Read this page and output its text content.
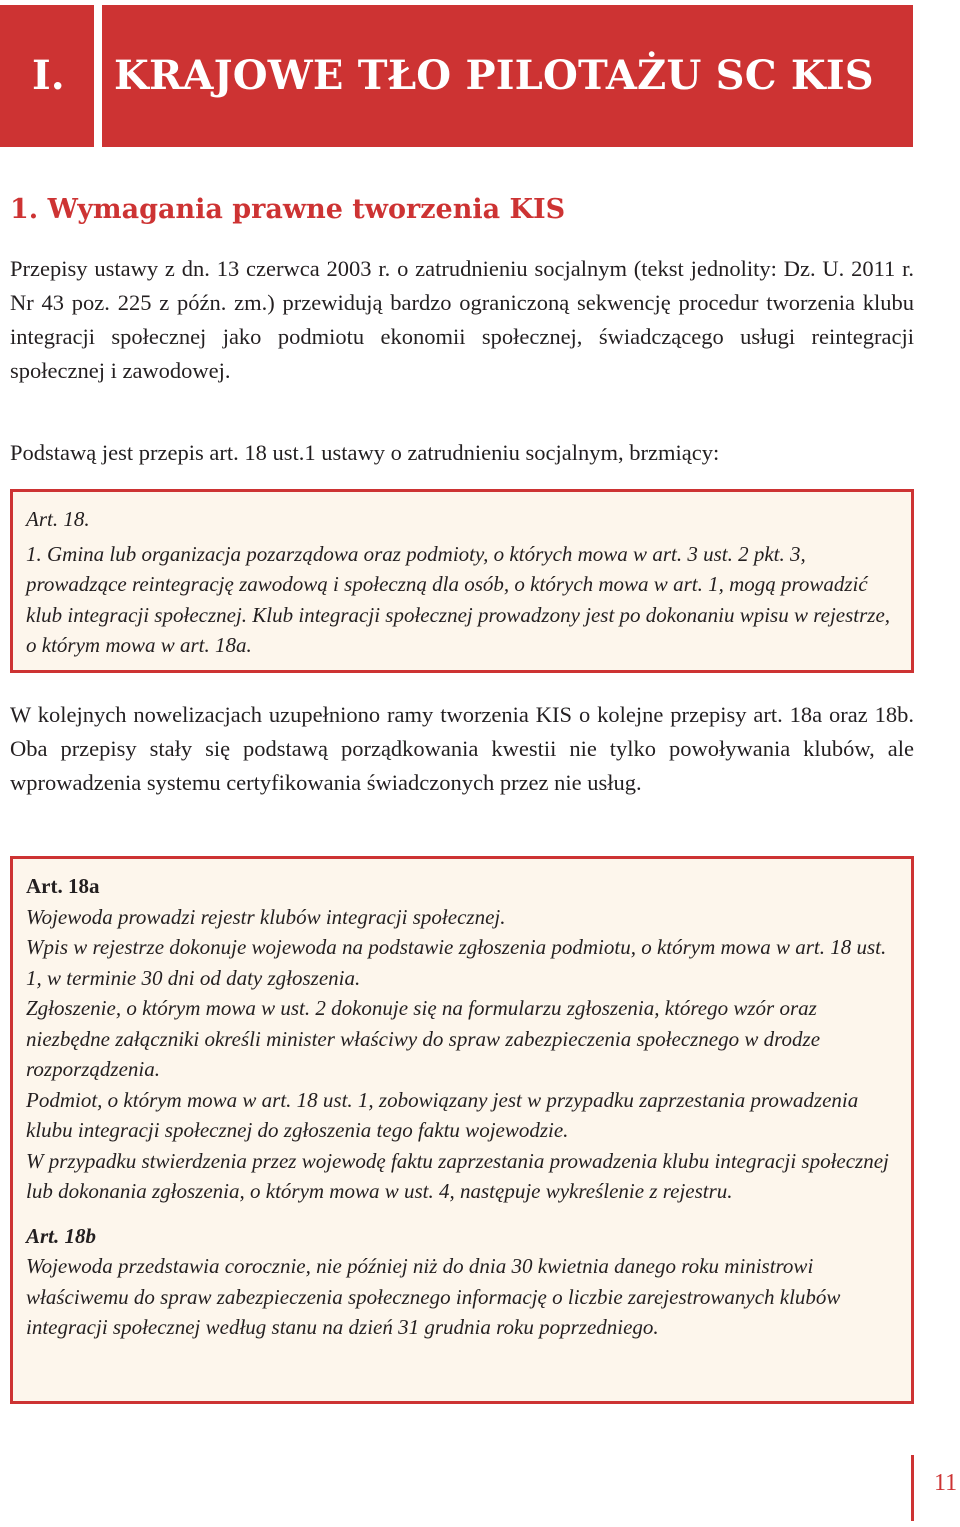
I.	KRAJOWE TŁO PILOTAŻU SC KIS
1. Wymagania prawne tworzenia KIS

Przepisy ustawy z dn. 13 czerwca 2003 r. o zatrudnieniu socjalnym (tekst jednolity: Dz. U. 2011 r. Nr 43 poz. 225 z późn. zm.) przewidują bardzo ograniczoną sekwencję procedur tworzenia klubu integracji społecznej jako podmiotu ekonomii społecznej, świadczącego usługi reintegracji społecznej i zawodowej.

Podstawą jest przepis art. 18 ust.1 ustawy o zatrudnieniu socjalnym, brzmiący:

Art. 18.

1. Gmina lub organizacja pozarządowa oraz podmioty, o których mowa w art. 3 ust. 2 pkt. 3, prowadzące reintegrację zawodową i społeczną dla osób, o których mowa w art. 1, mogą prowadzić klub integracji społecznej. Klub integracji społecznej prowadzony jest po dokonaniu wpisu w rejestrze, o którym mowa w art. 18a.

W kolejnych nowelizacjach uzupełniono ramy tworzenia KIS o kolejne przepisy art. 18a oraz 18b. Oba przepisy stały się podstawą porządkowania kwestii nie tylko powoływania klubów, ale wprowadzenia systemu certyfikowania świadczonych przez nie usług.

Art. 18a

Wojewoda prowadzi rejestr klubów integracji społecznej.

Wpis w rejestrze dokonuje wojewoda na podstawie zgłoszenia podmiotu, o którym mowa w art. 18 ust. 1, w terminie 30 dni od daty zgłoszenia.

Zgłoszenie, o którym mowa w ust. 2 dokonuje się na formularzu zgłoszenia, którego wzór oraz niezbędne załączniki określi minister właściwy do spraw zabezpieczenia społecznego w drodze rozporządzenia.

Podmiot, o którym mowa w art. 18 ust. 1, zobowiązany jest w przypadku zaprzestania prowadzenia klubu integracji społecznej do zgłoszenia tego faktu wojewodzie.

W przypadku stwierdzenia przez wojewodę faktu zaprzestania prowadzenia klubu integracji społecznej lub dokonania zgłoszenia, o którym mowa w ust. 4, następuje wykreślenie z rejestru.

Art. 18b

Wojewoda przedstawia corocznie, nie później niż do dnia 30 kwietnia danego roku ministrowi właściwemu do spraw zabezpieczenia społecznego informację o liczbie zarejestrowanych klubów integracji społecznej według stanu na dzień 31 grudnia roku poprzedniego.

11
